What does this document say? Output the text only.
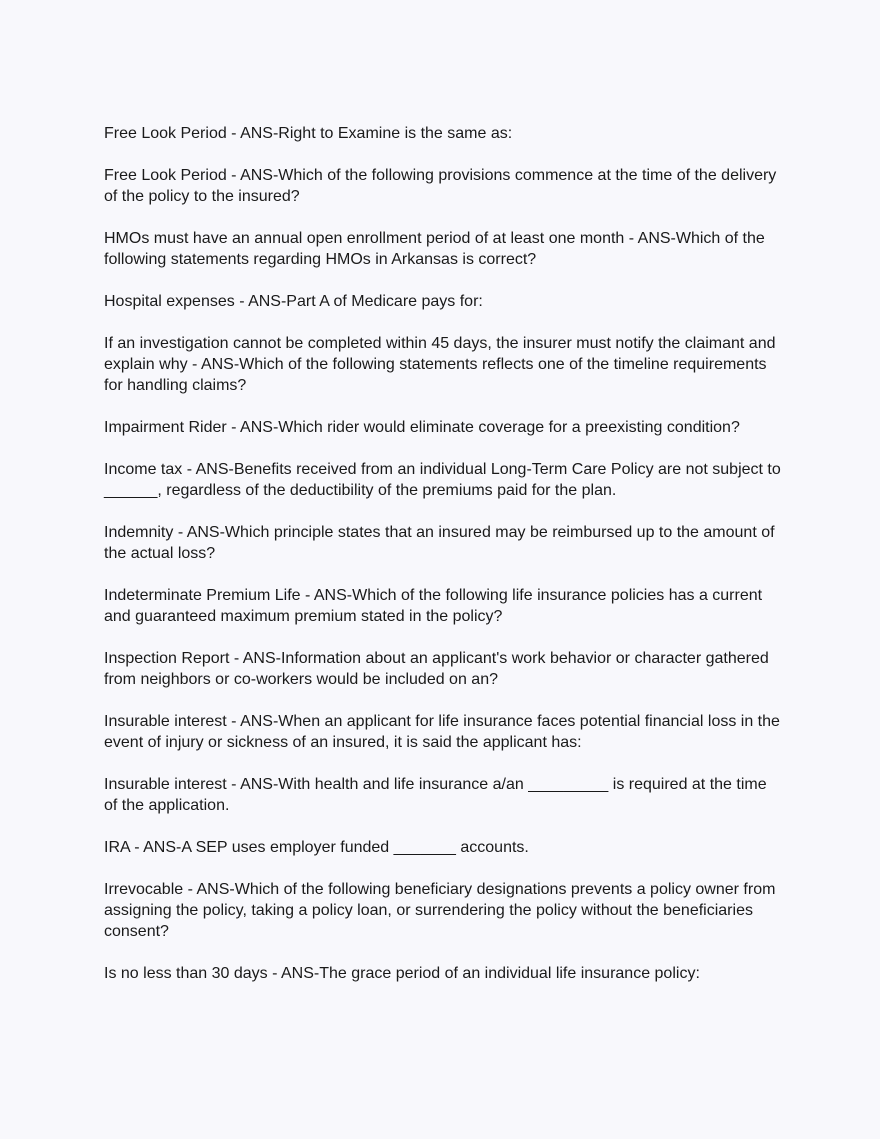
Free Look Period - ANS-Right to Examine is the same as:

Free Look Period - ANS-Which of the following provisions commence at the time of the delivery of the policy to the insured?

HMOs must have an annual open enrollment period of at least one month - ANS-Which of the following statements regarding HMOs in Arkansas is correct?

Hospital expenses - ANS-Part A of Medicare pays for:

If an investigation cannot be completed within 45 days, the insurer must notify the claimant and explain why - ANS-Which of the following statements reflects one of the timeline requirements for handling claims?

Impairment Rider - ANS-Which rider would eliminate coverage for a preexisting condition?

Income tax - ANS-Benefits received from an individual Long-Term Care Policy are not subject to ______, regardless of the deductibility of the premiums paid for the plan.

Indemnity - ANS-Which principle states that an insured may be reimbursed up to the amount of the actual loss?

Indeterminate Premium Life - ANS-Which of the following life insurance policies has a current and guaranteed maximum premium stated in the policy?

Inspection Report - ANS-Information about an applicant's work behavior or character gathered from neighbors or co-workers would be included on an?

Insurable interest - ANS-When an applicant for life insurance faces potential financial loss in the event of injury or sickness of an insured, it is said the applicant has:

Insurable interest - ANS-With health and life insurance a/an _________ is required at the time of the application.

IRA - ANS-A SEP uses employer funded _______ accounts.

Irrevocable - ANS-Which of the following beneficiary designations prevents a policy owner from assigning the policy, taking a policy loan, or surrendering the policy without the beneficiaries consent?

Is no less than 30 days - ANS-The grace period of an individual life insurance policy:
